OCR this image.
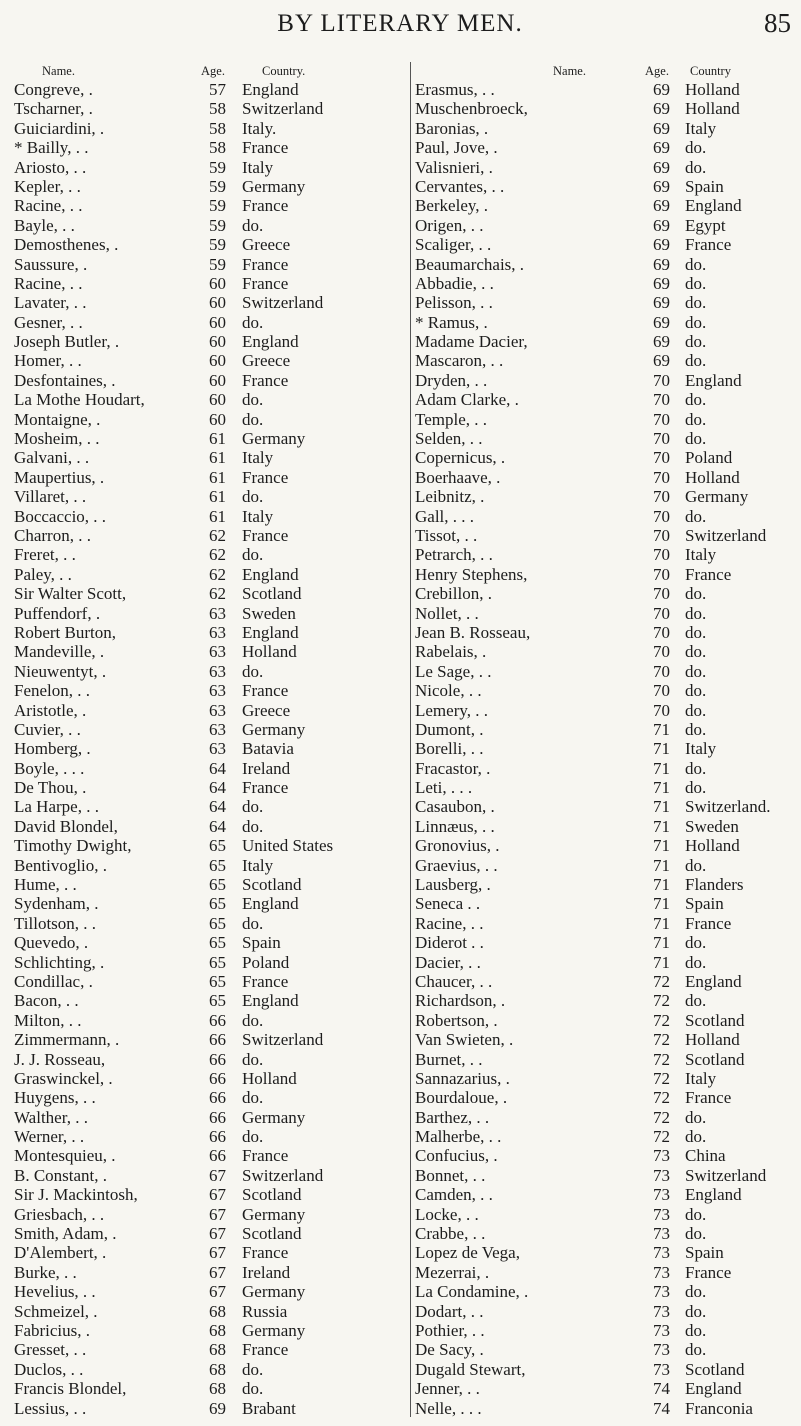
BY LITERARY MEN.	85
Name.	Age.	Country.
Congreve, .	57 England
Tscharner, .	58 Switzerland
Guiciardini, .	58 Italy.
* Bailly, . .	58 France
Ariosto, . .	59 Italy
Kepler, . .	59 Germany
Racine, . .	59 France
Bayle, . .	59 do.
Demosthenes, .	59 Greece
Saussure, .	59 France
Racine, . .	60 France
Lavater, . .	60 Switzerland
Gesner, . .	60 do.
Joseph Butler, .	60 England
Homer, . .	60 Greece
Desfontaines, .	60 France
La Mothe Houdart,	60 do.
Montaigne, .	60 do.
Mosheim, . .	61 Germany
Galvani, . .	61 Italy
Maupertius, .	61 France
Villaret, . .	61 do.
Boccaccio, . .	61 Italy
Charron, . .	62 France
Freret, . .	62 do.
Paley, . .	62 England
Sir Walter Scott,	62 Scotland
Puffendorf, .	63 Sweden
Robert Burton,	63 England
Mandeville, .	63 Holland
Nieuwentyt, .	63 do.
Fenelon, . .	63 France
Aristotle, .	63 Greece
Cuvier, . .	63 Germany
Homberg, .	63 Batavia
Boyle, . . .	64 Ireland
De Thou, .	64 France
La Harpe, . .	64 do.
David Blondel,	64 do.
Timothy Dwight,	65 United States
Bentivoglio, .	65 Italy
Hume, . .	65 Scotland
Sydenham, .	65 England
Tillotson, . .	65 do.
Quevedo, .	65 Spain
Schlichting, .	65 Poland
Condillac, .	65 France
Bacon, . .	65 England
Milton, . .	66 do.
Zimmermann, .	66 Switzerland
J. J. Rosseau,	66 do.
Graswinckel, .	66 Holland
Huygens, . .	66 do.
Walther, . .	66 Germany
Werner, . .	66 do.
Montesquieu, .	66 France
B. Constant, .	67 Switzerland
Sir J. Mackintosh,	67 Scotland
Griesbach, . .	67 Germany
Smith, Adam, .	67 Scotland
D'Alembert, .	67 France
Burke, . .	67 Ireland
Hevelius, . .	67 Germany
Schmeizel, .	68 Russia
Fabricius, .	68 Germany
Gresset, . .	68 France
Duclos, . .	68 do.
Francis Blondel,	68 do.
Lessius, . .	69 Brabant
Name.	Age. Country
Erasmus, . .	69 Holland
Muschenbroeck,	69 Holland
Baronias, .	69 Italy
Paul, Jove, .	69 do.
Valisnieri, .	69 do.
Cervantes, . .	69 Spain
Berkeley, .	69 England
Origen, . .	69 Egypt
Scaliger, . .	69 France
Beaumarchais, .	69 do.
Abbadie, . .	69 do.
Pelisson, . .	69 do.
* Ramus, .	69 do.
Madame Dacier,	69 do.
Mascaron, . .	69 do.
Dryden, . .	70 England
Adam Clarke, .	70 do.
Temple, . .	70 do.
Selden, . .	70 do.
Copernicus, .	70 Poland
Boerhaave, .	70 Holland
Leibnitz, .	70 Germany
Gall, . . .	70 do.
Tissot, . .	70 Switzerland
Petrarch, . .	70 Italy
Henry Stephens,	70 France
Crebillon, .	70 do.
Nollet, . .	70 do.
Jean B. Rosseau,	70 do.
Rabelais, .	70 do.
Le Sage, . .	70 do.
Nicole, . .	70 do.
Lemery, . .	70 do.
Dumont, .	71 do.
Borelli, . .	71 Italy
Fracastor, .	71 do.
Leti, . . .	71 do.
Casaubon, .	71 Switzerland.
Linnæus, . .	71 Sweden
Gronovius, .	71 Holland
Graevius, . .	71 do.
Lausberg, .	71 Flanders
Seneca . .	71 Spain
Racine, . .	71 France
Diderot . .	71 do.
Dacier, . .	71 do.
Chaucer, . .	72 England
Richardson, .	72 do.
Robertson, .	72 Scotland
Van Swieten, .	72 Holland
Burnet, . .	72 Scotland
Sannazarius, .	72 Italy
Bourdaloue, .	72 France
Barthez, . .	72 do.
Malherbe, . .	72 do.
Confucius, .	73 China
Bonnet, . .	73 Switzerland
Camden, . .	73 England
Locke, . .	73 do.
Crabbe, . .	73 do.
Lopez de Vega,	73 Spain
Mezerrai, .	73 France
La Condamine, .	73 do.
Dodart, . .	73 do.
Pothier, . .	73 do.
De Sacy, .	73 do.
Dugald Stewart,	73 Scotland
Jenner, . .	74 England
Nelle, . . .	74 Franconia
